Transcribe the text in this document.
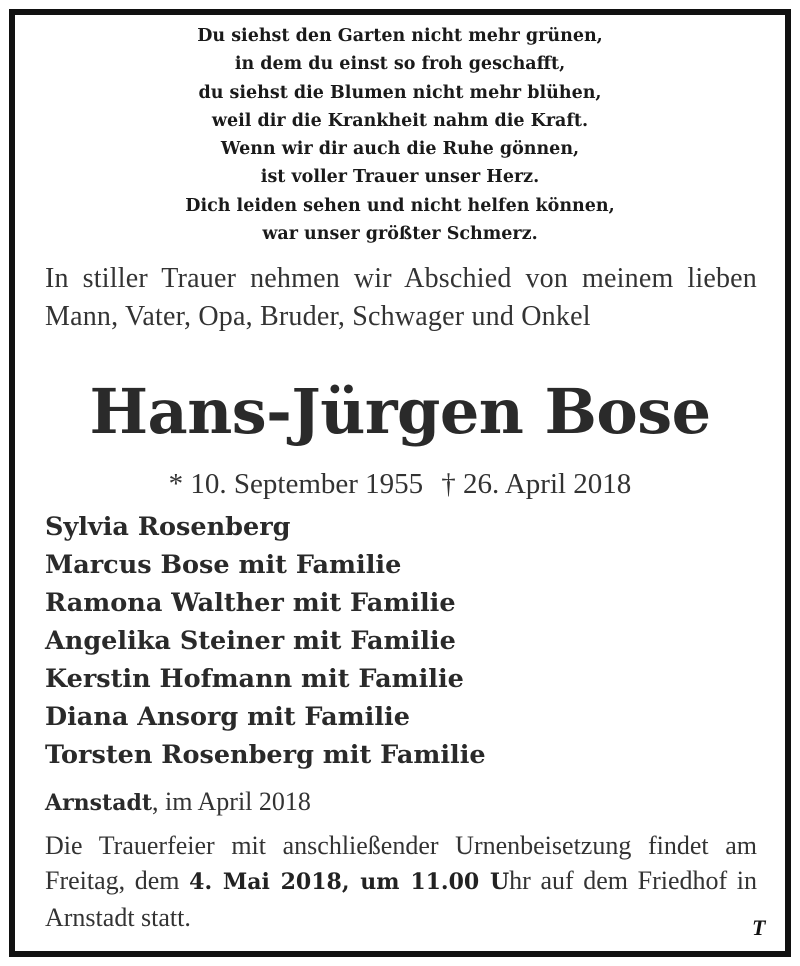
Du siehst den Garten nicht mehr grünen,
in dem du einst so froh geschafft,
du siehst die Blumen nicht mehr blühen,
weil dir die Krankheit nahm die Kraft.
Wenn wir dir auch die Ruhe gönnen,
ist voller Trauer unser Herz.
Dich leiden sehen und nicht helfen können,
war unser größter Schmerz.
In stiller Trauer nehmen wir Abschied von meinem lieben Mann, Vater, Opa, Bruder, Schwager und Onkel
Hans-Jürgen Bose
* 10. September 1955 † 26. April 2018
Sylvia Rosenberg
Marcus Bose mit Familie
Ramona Walther mit Familie
Angelika Steiner mit Familie
Kerstin Hofmann mit Familie
Diana Ansorg mit Familie
Torsten Rosenberg mit Familie
Arnstadt, im April 2018
Die Trauerfeier mit anschließender Urnenbeisetzung findet am Freitag, dem 4. Mai 2018, um 11.00 Uhr auf dem Friedhof in Arnstadt statt.	T
